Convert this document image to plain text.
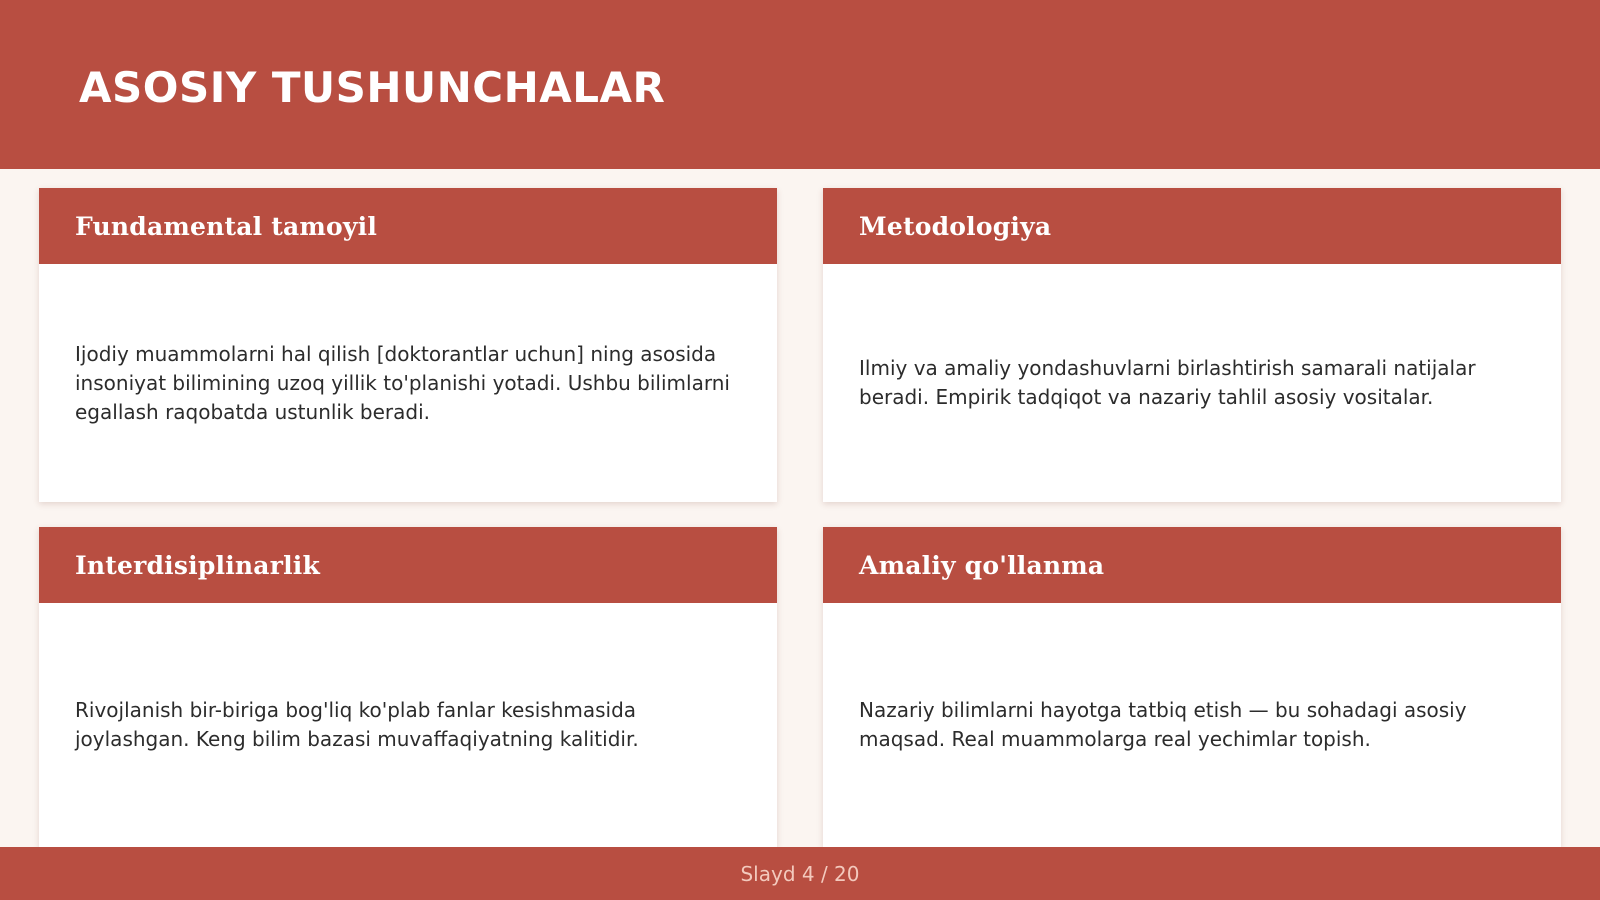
ASOSIY TUSHUNCHALAR
Fundamental tamoyil

Ijodiy muammolarni hal qilish [doktorantlar uchun] ning asosida insoniyat bilimining uzoq yillik to'planishi yotadi. Ushbu bilimlarni egallash raqobatda ustunlik beradi.

Metodologiya

Ilmiy va amaliy yondashuvlarni birlashtirish samarali natijalar beradi. Empirik tadqiqot va nazariy tahlil asosiy vositalar.

Interdisiplinarlik

Rivojlanish bir-biriga bog'liq ko'plab fanlar kesishmasida joylashgan. Keng bilim bazasi muvaffaqiyatning kalitidir.

Amaliy qo'llanma

Nazariy bilimlarni hayotga tatbiq etish — bu sohadagi asosiy maqsad. Real muammolarga real yechimlar topish.

Slayd 4 / 20
